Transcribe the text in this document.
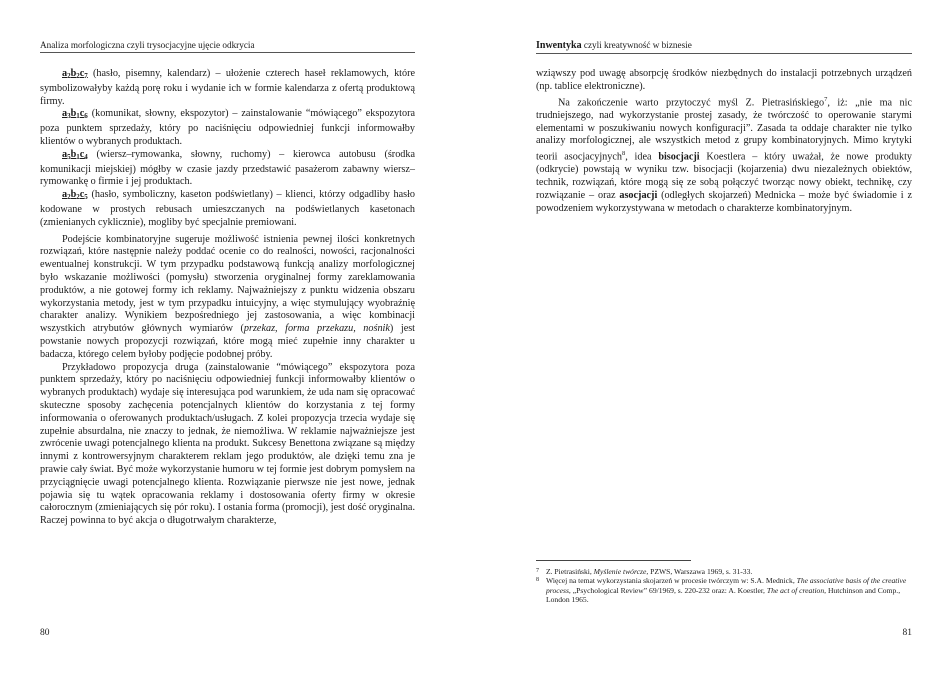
Analiza morfologiczna czyli trysocjacyjne ujęcie odkrycia

$a_2b_2c_7$ (hasło, pisemny, kalendarz) – ułożenie czterech haseł reklamowych, które symbolizowałyby każdą porę roku i wydanie ich w formie kalendarza z ofertą produktową firmy.

$a_3b_1c_6$ (komunikat, słowny, ekspozytor) – zainstalowanie “mówiącego” ekspozytora poza punktem sprzedaży, który po naciśnięciu odpowiedniej funkcji informowałby klientów o wybranych produktach.

$a_5b_1c_4$ (wiersz–rymowanka, słowny, ruchomy) – kierowca autobusu (środka komunikacji miejskiej) mógłby w czasie jazdy przedstawić pasażerom zabawny wiersz–rymowankę o firmie i jej produktach.

$a_2b_2c_5$ (hasło, symboliczny, kaseton podświetlany) – klienci, którzy odgadliby hasło kodowane w prostych rebusach umieszczanych na podświetlanych kasetonach (zmienianych cyklicznie), mogliby być specjalnie premiowani.

Podejście kombinatoryjne sugeruje możliwość istnienia pewnej ilości konkretnych rozwiązań, które następnie należy poddać ocenie co do realności, nowości, racjonalności ewentualnej konstrukcji. W tym przypadku podstawową funkcją analizy morfologicznej było wskazanie możliwości (pomysłu) stworzenia oryginalnej formy zareklamowania produktów, a nie gotowej formy ich reklamy. Najważniejszy z punktu widzenia obszaru wykorzystania metody, jest w tym przypadku intuicyjny, a więc stymulujący wyobraźnię charakter analizy. Wynikiem bezpośredniego jej zastosowania, a więc kombinacji wszystkich atrybutów głównych wymiarów (przekaz, forma przekazu, nośnik) jest powstanie nowych propozycji rozwiązań, które mogą mieć zupełnie inny charakter u badacza, którego celem byłoby podjęcie podobnej próby.

Przykładowo propozycja druga (zainstalowanie “mówiącego” ekspozytora poza punktem sprzedaży, który po naciśnięciu odpowiedniej funkcji informowałby klientów o wybranych produktach) wydaje się interesująca pod warunkiem, że uda nam się opracować skuteczne sposoby zachęcenia potencjalnych klientów do korzystania z tej formy informowania o oferowanych produktach/usługach. Z kolei propozycja trzecia wydaje się zupełnie absurdalna, nie znaczy to jednak, że niemożliwa. W reklamie najważniejsze jest zwrócenie uwagi potencjalnego klienta na produkt. Sukcesy Benettona związane są między innymi z kontrowersyjnym charakterem reklam jego produktów, ale dzięki temu zna je prawie cały świat. Być może wykorzystanie humoru w tej formie jest dobrym pomysłem na przyciągnięcie uwagi potencjalnego klienta. Rozwiązanie pierwsze nie jest nowe, jednak pojawia się tu wątek opracowania reklamy i dostosowania oferty firmy w okresie całorocznym (zmieniających się pór roku). I ostania forma (promocji), jest dość oryginalna. Raczej powinna to być akcja o długotrwałym charakterze,

80
Inwentyka czyli kreatywność w biznesie

wziąwszy pod uwagę absorpcję środków niezbędnych do instalacji potrzebnych urządzeń (np. tablice elektroniczne).

Na zakończenie warto przytoczyć myśl Z. Pietrasińskiego$^7$, iż: „nie ma nic trudniejszego, nad wykorzystanie prostej zasady, że twórczość to operowanie starymi elementami w poszukiwaniu nowych konfiguracji”. Zasada ta oddaje charakter nie tylko analizy morfologicznej, ale wszystkich metod z grupy kombinatoryjnych. Mimo krytyki teorii asocjacyjnych$^8$, idea bisocjacji Koestlera – który uważał, że nowe produkty (odkrycie) powstają w wyniku tzw. bisocjacji (kojarzenia) dwu niezależnych obiektów, technik, rozwiązań, które mogą się ze sobą połączyć tworząc nowy obiekt, technikę, czy rozwiązanie – oraz asocjacji (odległych skojarzeń) Mednicka – może być świadomie i z powodzeniem wykorzystywana w metodach o charakterze kombinatoryjnym.

7 Z. Pietrasiński, Myślenie twórcze, PZWS, Warszawa 1969, s. 31-33.

8 Więcej na temat wykorzystania skojarzeń w procesie twórczym w: S.A. Mednick, The associative basis of the creative process, „Psychological Review” 69/1969, s. 220-232 oraz: A. Koestler, The act of creation, Hutchinson and Comp., London 1965.

81
